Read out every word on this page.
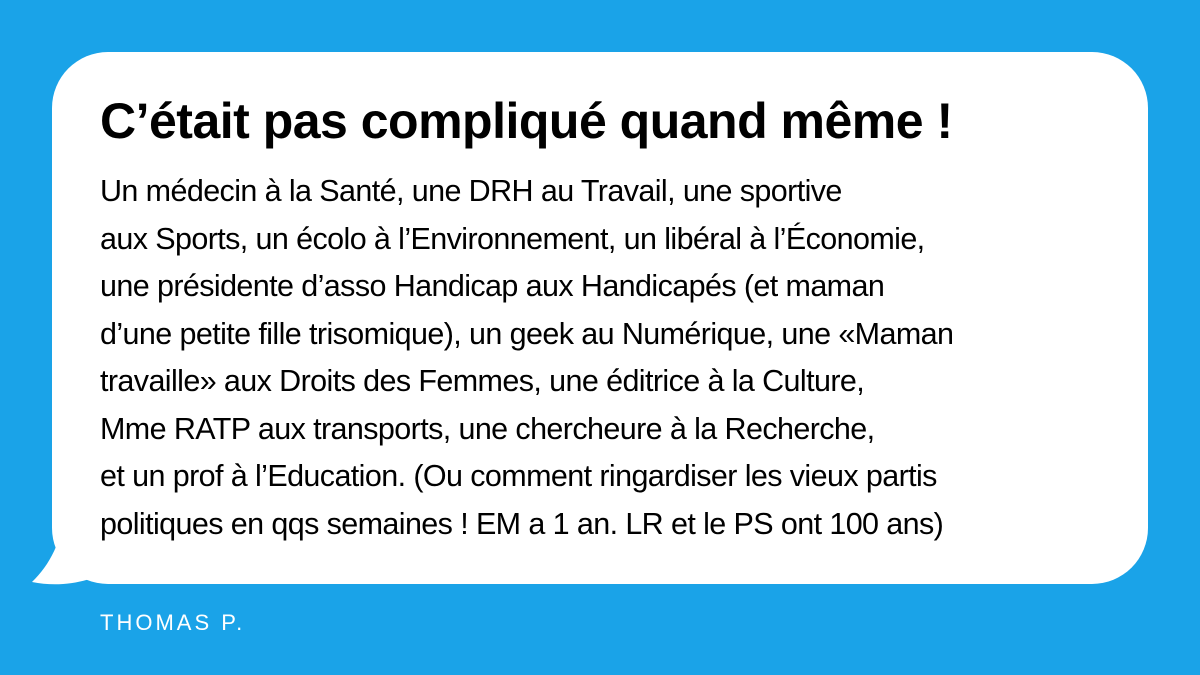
C’était pas compliqué quand même !
Un médecin à la Santé, une DRH au Travail, une sportive
aux Sports, un écolo à l’Environnement, un libéral à l’Économie,
une présidente d’asso Handicap aux Handicapés (et maman
d’une petite fille trisomique), un geek au Numérique, une «Maman
travaille» aux Droits des Femmes, une éditrice à la Culture,
Mme RATP aux transports, une chercheure à la Recherche,
et un prof à l’Education. (Ou comment ringardiser les vieux partis
politiques en qqs semaines ! EM a 1 an. LR et le PS ont 100 ans)
THOMAS P.
